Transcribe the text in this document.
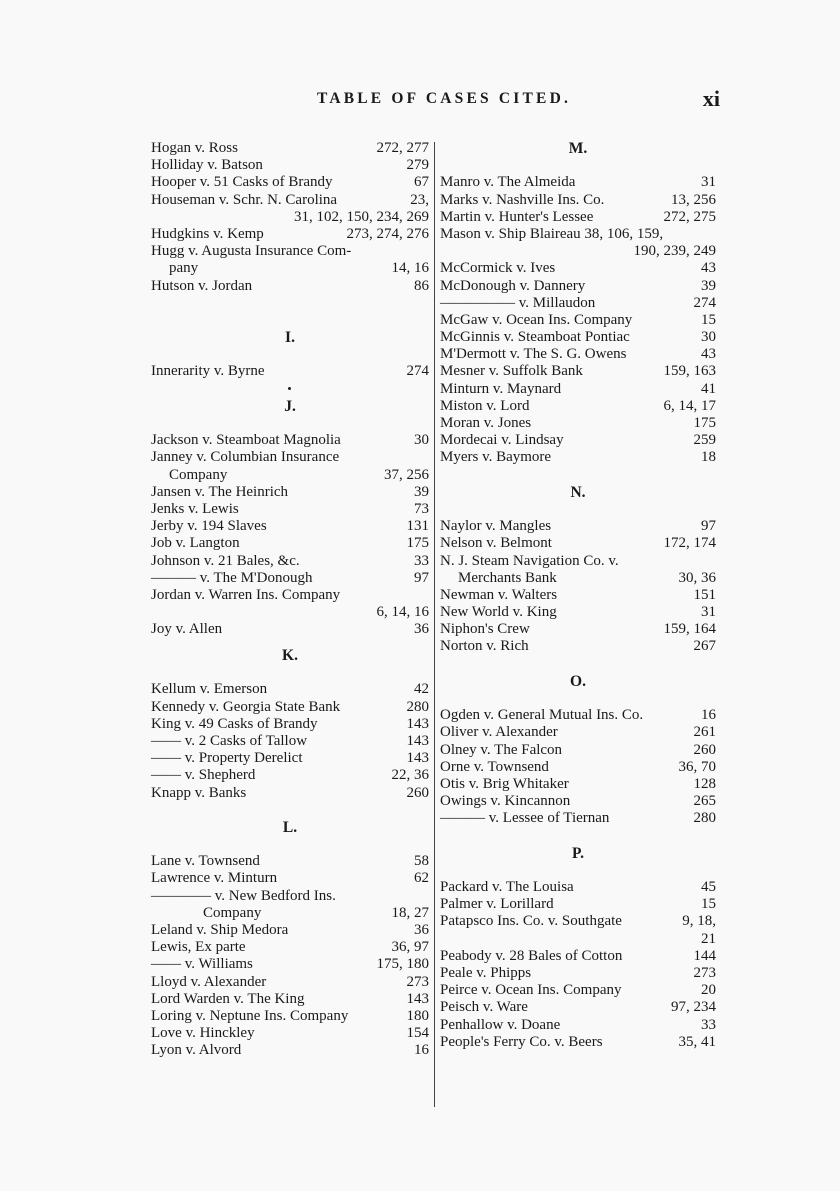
TABLE OF CASES CITED.	xi
Hogan v. Ross	272, 277
Holliday v. Batson	279
Hooper v. 51 Casks of Brandy	67
Houseman v. Schr. N. Carolina	23,
31, 102, 150, 234, 269
Hudgkins v. Kemp	273, 274, 276
Hugg v. Augusta Insurance Com-
pany	14, 16
Hutson v. Jordan	86
I.
Innerarity v. Byrne	274
J.
Jackson v. Steamboat Magnolia	30
Janney v. Columbian Insurance
Company	37, 256
Jansen v. The Heinrich	39
Jenks v. Lewis	73
Jerby v. 194 Slaves	131
Job v. Langton	175
Johnson v. 21 Bales, &c.	33
——— v. The M'Donough	97
Jordan v. Warren Ins. Company
6, 14, 16
Joy v. Allen	36
K.
Kellum v. Emerson	42
Kennedy v. Georgia State Bank	280
King v. 49 Casks of Brandy	143
—— v. 2 Casks of Tallow	143
—— v. Property Derelict	143
—— v. Shepherd	22, 36
Knapp v. Banks	260
L.
Lane v. Townsend	58
Lawrence v. Minturn	62
———— v. New Bedford Ins.
Company	18, 27
Leland v. Ship Medora	36
Lewis, Ex parte	36, 97
—— v. Williams	175, 180
Lloyd v. Alexander	273
Lord Warden v. The King	143
Loring v. Neptune Ins. Company	180
Love v. Hinckley	154
Lyon v. Alvord	16
M.
Manro v. The Almeida	31
Marks v. Nashville Ins. Co.	13, 256
Martin v. Hunter's Lessee	272, 275
Mason v. Ship Blaireau 38, 106, 159,
190, 239, 249
McCormick v. Ives	43
McDonough v. Dannery	39
————— v. Millaudon	274
McGaw v. Ocean Ins. Company	15
McGinnis v. Steamboat Pontiac	30
M'Dermott v. The S. G. Owens	43
Mesner v. Suffolk Bank	159, 163
Minturn v. Maynard	41
Miston v. Lord	6, 14, 17
Moran v. Jones	175
Mordecai v. Lindsay	259
Myers v. Baymore	18
N.
Naylor v. Mangles	97
Nelson v. Belmont	172, 174
N. J. Steam Navigation Co. v.
Merchants Bank	30, 36
Newman v. Walters	151
New World v. King	31
Niphon's Crew	159, 164
Norton v. Rich	267
O.
Ogden v. General Mutual Ins. Co.	16
Oliver v. Alexander	261
Olney v. The Falcon	260
Orne v. Townsend	36, 70
Otis v. Brig Whitaker	128
Owings v. Kincannon	265
——— v. Lessee of Tiernan	280
P.
Packard v. The Louisa	45
Palmer v. Lorillard	15
Patapsco Ins. Co. v. Southgate	9, 18,
21
Peabody v. 28 Bales of Cotton	144
Peale v. Phipps	273
Peirce v. Ocean Ins. Company	20
Peisch v. Ware	97, 234
Penhallow v. Doane	33
People's Ferry Co. v. Beers	35, 41
